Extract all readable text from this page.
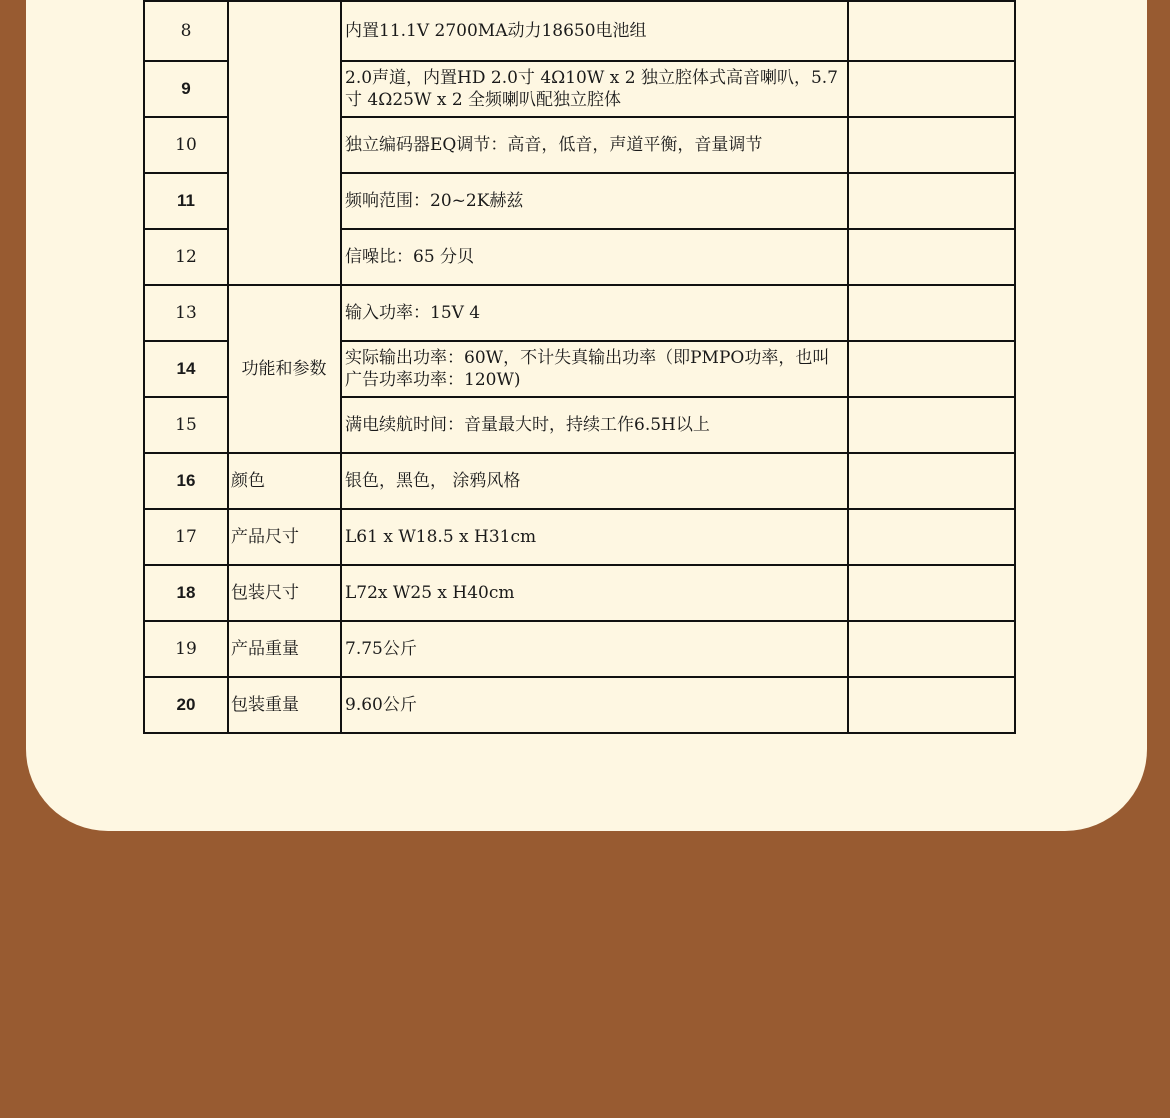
8		内置11.1V 2700MA动力18650电池组	
9		2.0声道，内置HD 2.0寸 4Ω10W x 2 独立腔体式高音喇叭，5.7寸 4Ω25W x 2 全频喇叭配独立腔体	
10		独立编码器EQ调节：高音，低音，声道平衡，音量调节	
11		频响范围：20~2K赫兹	
12		信噪比：65 分贝	
13	功能和参数	输入功率：15V 4	
14		实际输出功率：60W，不计失真输出功率（即PMPO功率，也叫广告功率功率：120W)	
15		满电续航时间：音量最大时，持续工作6.5H以上	
16	颜色	银色，黑色， 涂鸦风格	
17	产品尺寸	L61 x W18.5 x H31cm	
18	包装尺寸	L72x W25 x H40cm	
19	产品重量	7.75公斤	
20	包装重量	9.60公斤	
